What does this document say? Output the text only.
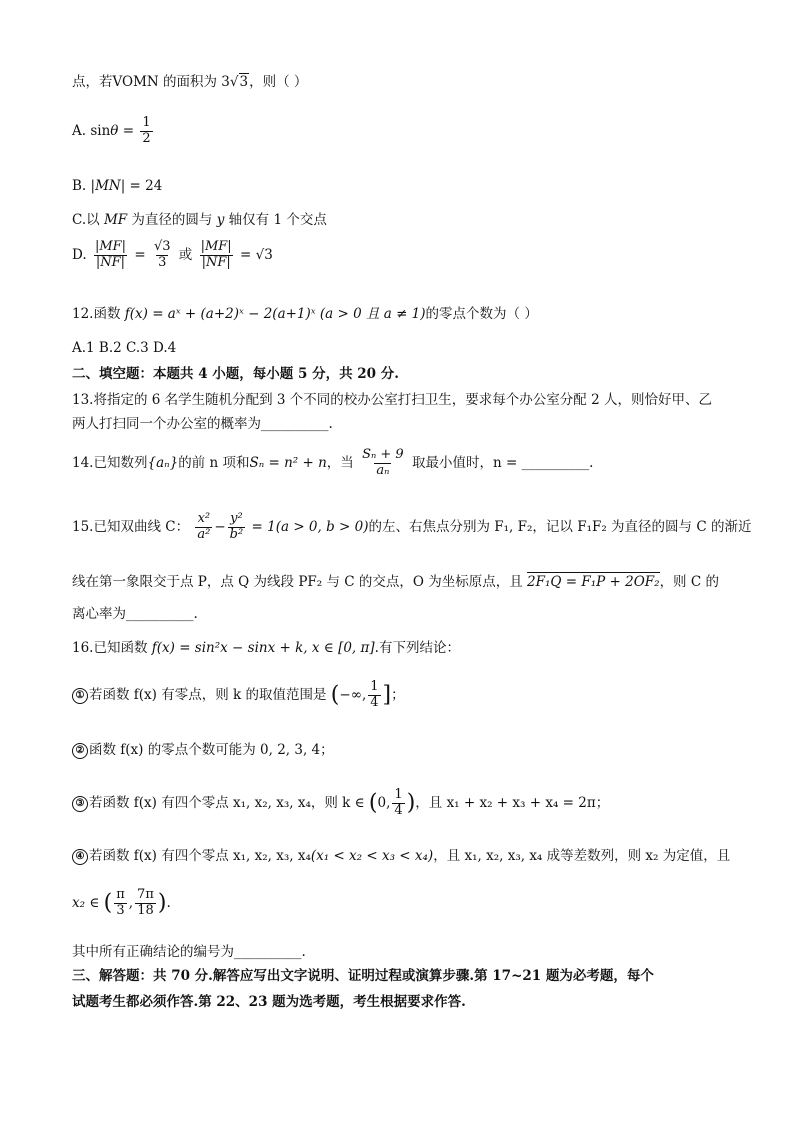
点，若VOMN 的面积为 3√3，则（ ）
A. $\sin\theta = \frac{1}{2}$
B. |MN| = 24
C.以 MF 为直径的圆与 y 轴仅有 1 个交点
D. $\frac{|MF|}{|NF|} = \frac{√3}{3}$ 或 $\frac{|MF|}{|NF|} = √3$
12.函数 f(x) = aˣ + (a+2)ˣ − 2(a+1)ˣ (a > 0 且 a ≠ 1)的零点个数为（ ）
A.1 B.2 C.3 D.4
二、填空题：本题共 4 小题，每小题 5 分，共 20 分.
13.将指定的 6 名学生随机分配到 3 个不同的校办公室打扫卫生，要求每个办公室分配 2 人，则恰好甲、乙
两人打扫同一个办公室的概率为__________.
14.已知数列{aₙ}的前 n 项和Sₙ = n² + n，当 $\frac{\text{Sₙ + 9}}{\text{aₙ}}$ 取最小值时，n = __________.
15.已知双曲线 C： $\frac{\text{x²}}{\text{a²}} - \frac{\text{y²}}{\text{b²}} = 1(a > 0$, b > 0)的左、右焦点分别为 F₁, F₂，记以 F₁F₂ 为直径的圆与 C 的渐近
线在第一象限交于点 P，点 Q 为线段 PF₂ 与 C 的交点，O 为坐标原点，且 2F₁Q = F₁P + 2OF₂，则 C 的
离心率为__________.
16.已知函数 f(x) = sin²x − sinx + k, x ∈ [0, π].有下列结论：
① 若函数 f(x) 有零点，则 k 的取值范围是 (−∞, $\frac{1}{4}$ ]；
② 函数 f(x) 的零点个数可能为 0, 2, 3, 4；
③ 若函数 f(x) 有四个零点 x₁, x₂, x₃, x₄，则 k ∈ (0, $\frac{1}{4}$ )，且 x₁ + x₂ + x₃ + x₄ = 2π；
④ 若函数 f(x) 有四个零点 x₁, x₂, x₃, x₄(x₁ < x₂ < x₃ < x₄)，且 x₁, x₂, x₃, x₄ 成等差数列，则 x₂ 为定值，且
x₂ ∈ ( $\frac{\pi}{3}$ , $\frac{7\pi}{18}$ ).
其中所有正确结论的编号为__________.
三、解答题：共 70 分.解答应写出文字说明、证明过程或演算步骤.第 17~21 题为必考题，每个
试题考生都必须作答.第 22、23 题为选考题，考生根据要求作答.
